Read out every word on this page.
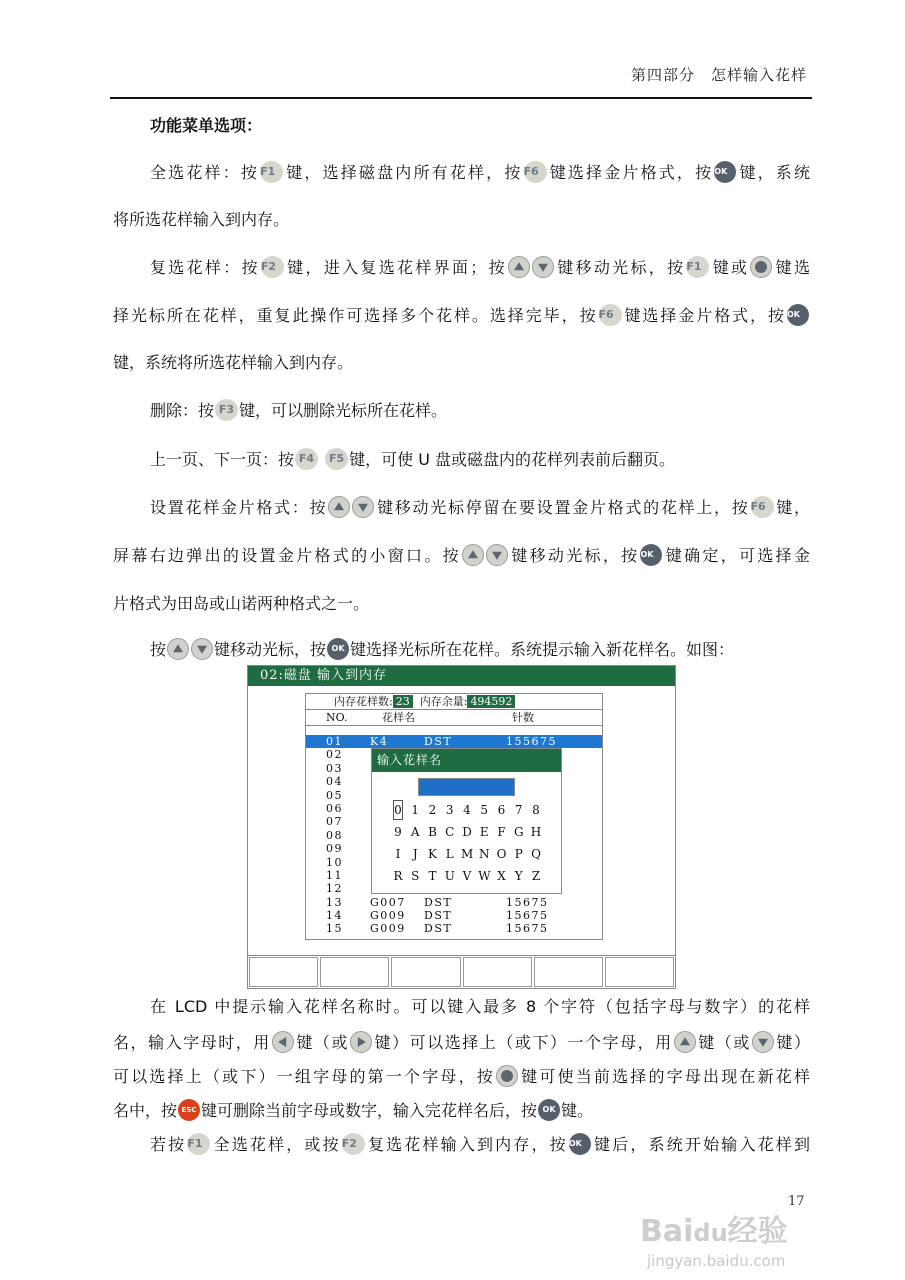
第四部分　怎样输入花样
功能菜单选项：
全选花样：按F1 键，选择磁盘内所有花样，按F6 键选择金片格式，按OK 键，系统
将所选花样输入到内存。
复选花样：按F2 键，进入复选花样界面；按	键移动光标，按F1 键或 键选
择光标所在花样，重复此操作可选择多个花样。选择完毕，按F6 键选择金片格式，按OK
键，系统将所选花样输入到内存。
删除：按 F3 键，可以删除光标所在花样。
上一页、下一页：按 F4 F5 键，可使 U 盘或磁盘内的花样列表前后翻页。
设置花样金片格式：按	键移动光标停留在要设置金片格式的花样上，按F6 键，
屏幕右边弹出的设置金片格式的小窗口。按	键移动光标，按OK 键确定，可选择金
片格式为田岛或山诺两种格式之一。
按	键移动光标，按 OK 键选择光标所在花样。系统提示输入新花样名。如图：
在 LCD 中提示输入花样名称时。可以键入最多 8 个字符（包括字母与数字）的花样
名，输入字母时，用 键（或 键）可以选择上（或下）一个字母，用 键（或 键）
可以选择上（或下）一组字母的第一个字母，按 键可使当前选择的字母出现在新花样
名中，按 ESC 键可删除当前字母或数字，输入完花样名后，按 OK 键。
若按F1 全选花样，或按F2 复选花样输入到内存，按OK 键后，系统开始输入花样到
02:磁盘 输入到内存
内存花样数: 23 内存余量: 494592
NO.	花样名	针数
01 K4	DST	155675
02
03
04
05
06
07
08
09
10
11
12
13 G007 DST	15675
14 G009 DST	15675
15 G009 DST	15675
输入花样名
0 1 2 3 4 5 6 7 8
9 A B C D E F G H
I	J K L M N O P Q
R S T U V W X Y Z
17
Baidu经验
jingyan.baidu.com
